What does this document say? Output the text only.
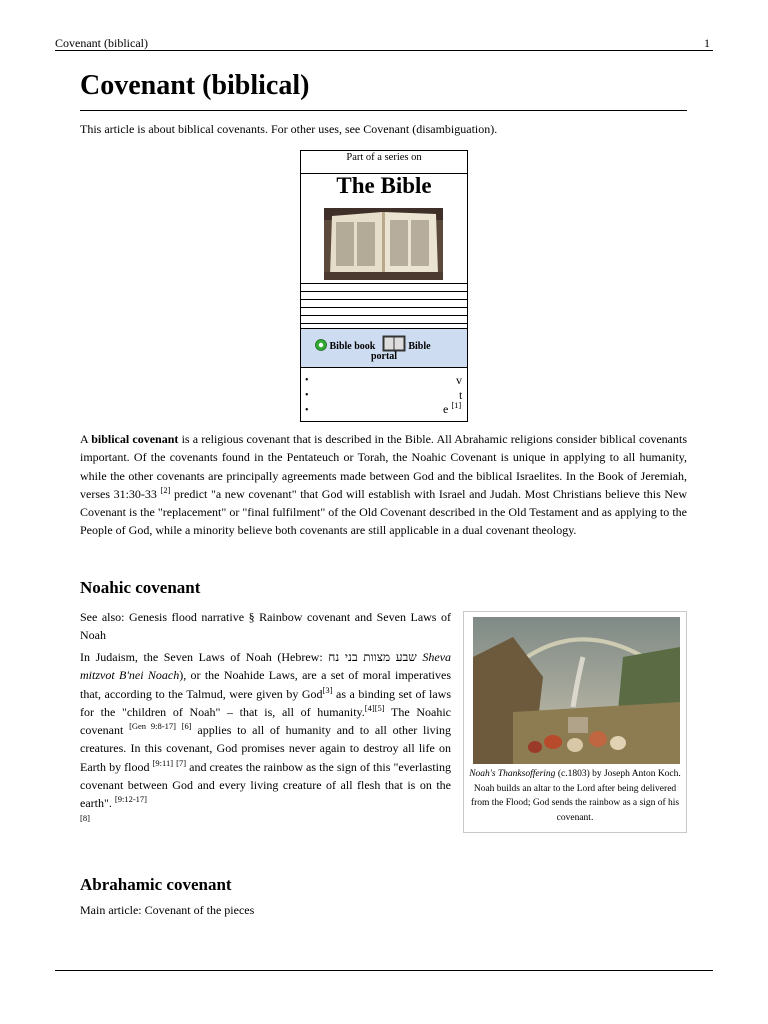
Covenant (biblical)	1
Covenant (biblical)
This article is about biblical covenants. For other uses, see Covenant (disambiguation).
Part of a series on
The Bible
Bible book	Bible
portal
•
•
•
v
t
e [1]

A biblical covenant is a religious covenant that is described in the Bible. All Abrahamic religions consider biblical covenants important. Of the covenants found in the Pentateuch or Torah, the Noahic Covenant is unique in applying to all humanity, while the other covenants are principally agreements made between God and the biblical Israelites. In the Book of Jeremiah, verses 31:30-33 [2] predict "a new covenant" that God will establish with Israel and Judah. Most Christians believe this New Covenant is the "replacement" or "final fulfilment" of the Old Covenant described in the Old Testament and as applying to the People of God, while a minority believe both covenants are still applicable in a dual covenant theology.

Noahic covenant
See also: Genesis flood narrative § Rainbow covenant and Seven Laws of Noah

In Judaism, the Seven Laws of Noah (Hebrew: שבע מצוות בני נח Sheva mitzvot B'nei Noach), or the Noahide Laws, are a set of moral imperatives that, according to the Talmud, were given by God[3] as a binding set of laws for the "children of Noah" – that is, all of humanity.[4][5] The Noahic covenant [Gen 9:8-17] [6] applies to all of humanity and to all other living creatures. In this covenant, God promises never again to destroy all life on Earth by flood [9:11] [7] and creates the rainbow as the sign of this "everlasting covenant between God and every living creature of all flesh that is on the earth". [9:12-17]
[8]

Noah's Thanksoffering (c.1803) by Joseph Anton Koch. Noah builds an altar to the Lord after being delivered from the Flood; God sends the rainbow as a sign of his covenant.
Abrahamic covenant
Main article: Covenant of the pieces
